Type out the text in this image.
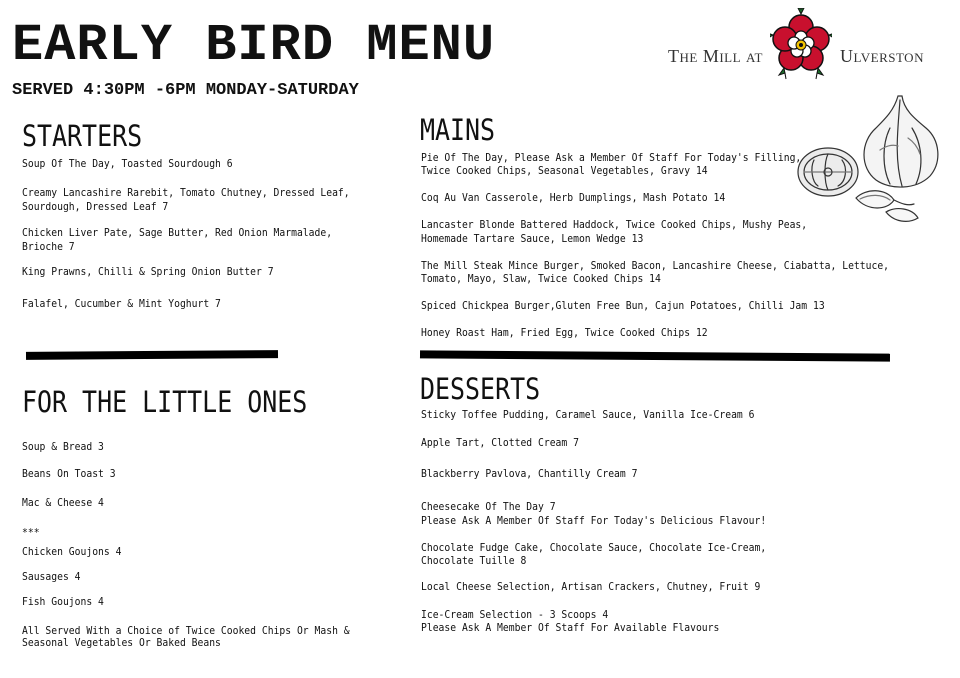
EARLY BIRD MENU
SERVED 4:30PM -6PM MONDAY-SATURDAY
The Mill at	Ulverston
STARTERS
Soup Of The Day, Toasted Sourdough 6
Creamy Lancashire Rarebit, Tomato Chutney, Dressed Leaf,
Sourdough, Dressed Leaf 7
Chicken Liver Pate, Sage Butter, Red Onion Marmalade,
Brioche 7
King Prawns, Chilli & Spring Onion Butter 7
Falafel, Cucumber & Mint Yoghurt 7
FOR THE LITTLE ONES
Soup & Bread 3
Beans On Toast 3
Mac & Cheese 4
***
Chicken Goujons 4
Sausages 4
Fish Goujons 4
All Served With a Choice of Twice Cooked Chips Or Mash &
Seasonal Vegetables Or Baked Beans
MAINS
Pie Of The Day, Please Ask a Member Of Staff For Today's Filling,
Twice Cooked Chips, Seasonal Vegetables, Gravy 14
Coq Au Van Casserole, Herb Dumplings, Mash Potato 14
Lancaster Blonde Battered Haddock, Twice Cooked Chips, Mushy Peas,
Homemade Tartare Sauce, Lemon Wedge 13
The Mill Steak Mince Burger, Smoked Bacon, Lancashire Cheese, Ciabatta, Lettuce,
Tomato, Mayo, Slaw, Twice Cooked Chips 14
Spiced Chickpea Burger,Gluten Free Bun, Cajun Potatoes, Chilli Jam 13
Honey Roast Ham, Fried Egg, Twice Cooked Chips 12
DESSERTS
Sticky Toffee Pudding, Caramel Sauce, Vanilla Ice-Cream 6
Apple Tart, Clotted Cream 7
Blackberry Pavlova, Chantilly Cream 7
Cheesecake Of The Day 7
Please Ask A Member Of Staff For Today's Delicious Flavour!
Chocolate Fudge Cake, Chocolate Sauce, Chocolate Ice-Cream,
Chocolate Tuille 8
Local Cheese Selection, Artisan Crackers, Chutney, Fruit 9
Ice-Cream Selection - 3 Scoops 4
Please Ask A Member Of Staff For Available Flavours
